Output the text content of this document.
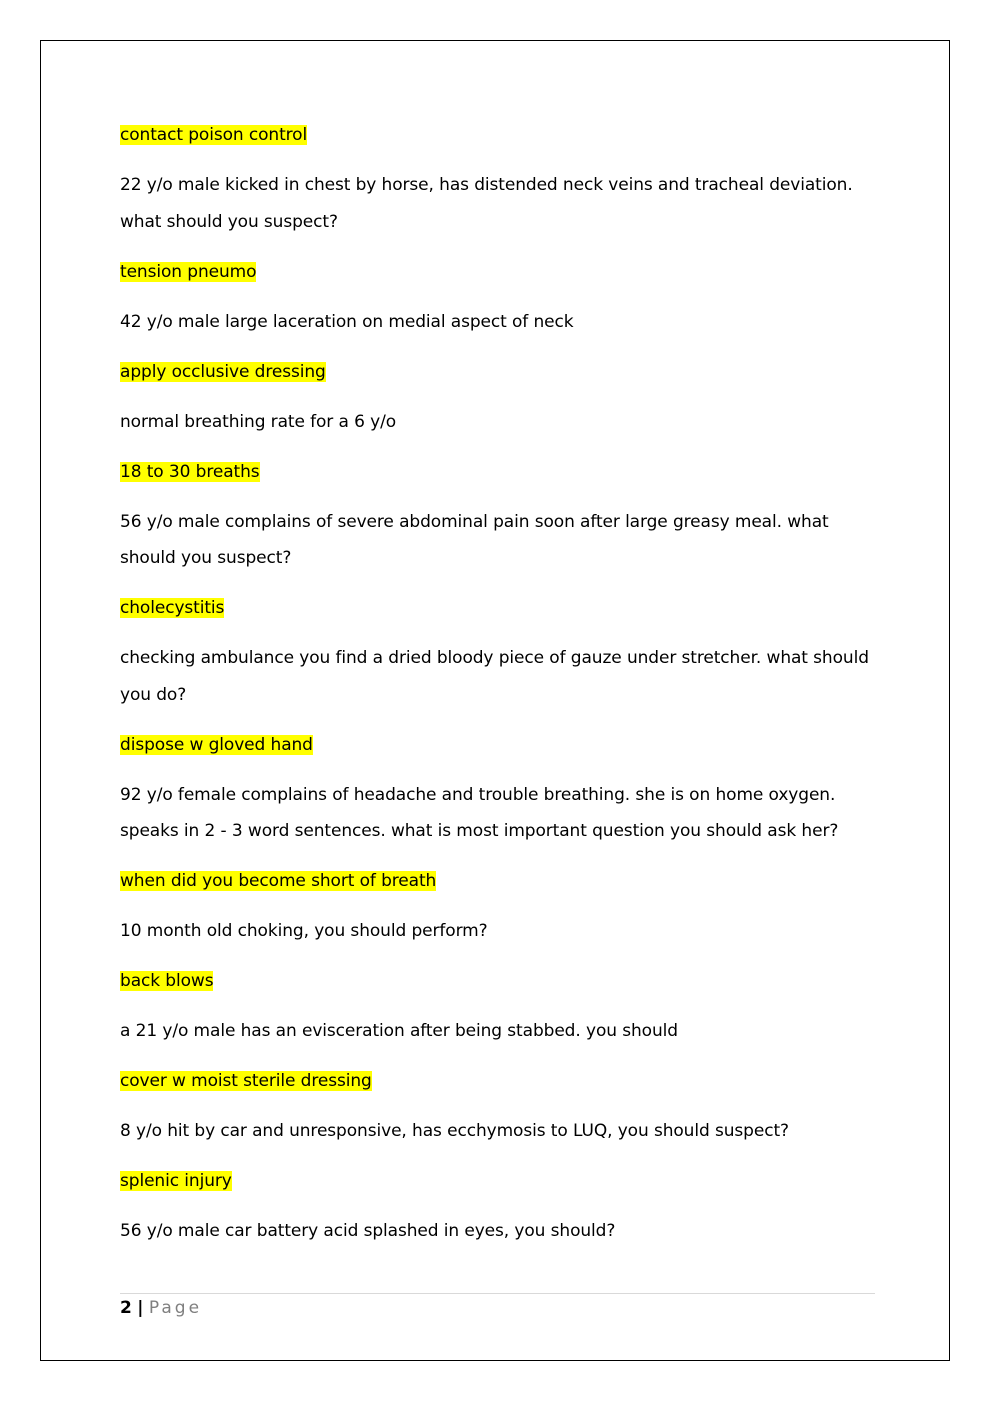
contact poison control

22 y/o male kicked in chest by horse, has distended neck veins and tracheal deviation. what should you suspect?

tension pneumo

42 y/o male large laceration on medial aspect of neck

apply occlusive dressing

normal breathing rate for a 6 y/o

18 to 30 breaths

56 y/o male complains of severe abdominal pain soon after large greasy meal. what should you suspect?

cholecystitis

checking ambulance you find a dried bloody piece of gauze under stretcher. what should you do?

dispose w gloved hand

92 y/o female complains of headache and trouble breathing. she is on home oxygen. speaks in 2 - 3 word sentences. what is most important question you should ask her?

when did you become short of breath

10 month old choking, you should perform?

back blows

a 21 y/o male has an evisceration after being stabbed. you should

cover w moist sterile dressing

8 y/o hit by car and unresponsive, has ecchymosis to LUQ, you should suspect?

splenic injury

56 y/o male car battery acid splashed in eyes, you should?

2 | Page
